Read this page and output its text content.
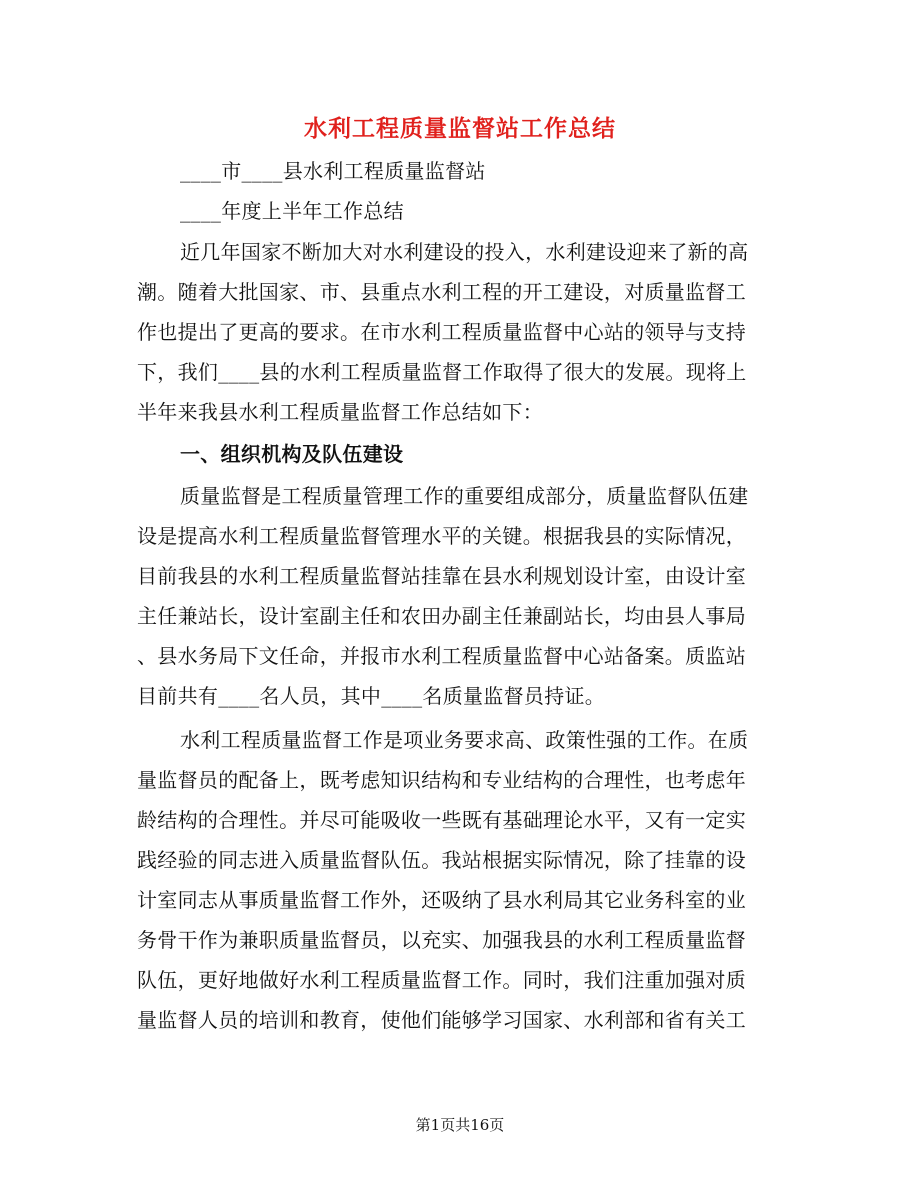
水利工程质量监督站工作总结
____市____县水利工程质量监督站
____年度上半年工作总结
近几年国家不断加大对水利建设的投入，水利建设迎来了新的高
潮。随着大批国家、市、县重点水利工程的开工建设，对质量监督工
作也提出了更高的要求。在市水利工程质量监督中心站的领导与支持
下，我们____县的水利工程质量监督工作取得了很大的发展。现将上
半年来我县水利工程质量监督工作总结如下：
一、组织机构及队伍建设
质量监督是工程质量管理工作的重要组成部分，质量监督队伍建
设是提高水利工程质量监督管理水平的关键。根据我县的实际情况，
目前我县的水利工程质量监督站挂靠在县水利规划设计室，由设计室
主任兼站长，设计室副主任和农田办副主任兼副站长，均由县人事局
、县水务局下文任命，并报市水利工程质量监督中心站备案。质监站
目前共有____名人员，其中____名质量监督员持证。
水利工程质量监督工作是项业务要求高、政策性强的工作。在质
量监督员的配备上，既考虑知识结构和专业结构的合理性，也考虑年
龄结构的合理性。并尽可能吸收一些既有基础理论水平，又有一定实
践经验的同志进入质量监督队伍。我站根据实际情况，除了挂靠的设
计室同志从事质量监督工作外，还吸纳了县水利局其它业务科室的业
务骨干作为兼职质量监督员，以充实、加强我县的水利工程质量监督
队伍，更好地做好水利工程质量监督工作。同时，我们注重加强对质
量监督人员的培训和教育，使他们能够学习国家、水利部和省有关工
第1页共16页
